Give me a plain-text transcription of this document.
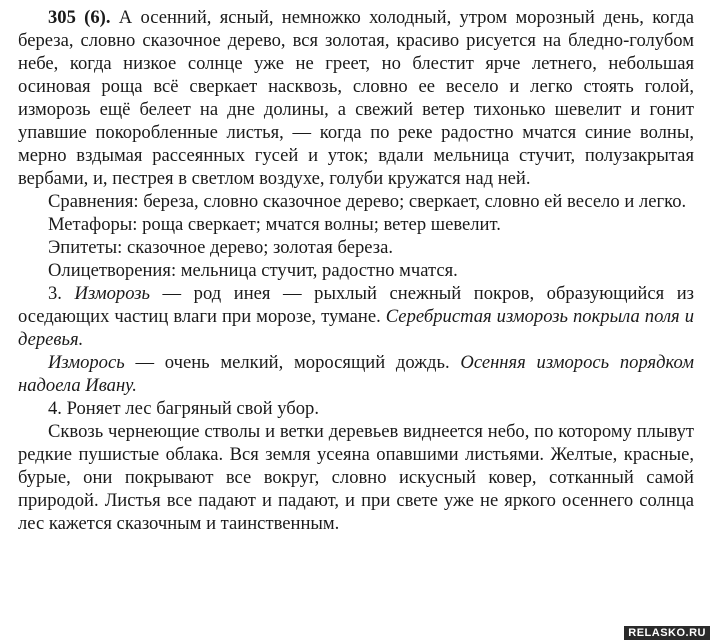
305 (6). А осенний, ясный, немножко холодный, утром морозный день, когда береза, словно сказочное дерево, вся золотая, красиво рисуется на бледно-голубом небе, когда низкое солнце уже не греет, но блестит ярче летнего, небольшая осиновая роща всё сверкает насквозь, словно ее весело и легко стоять голой, изморозь ещё белеет на дне долины, а свежий ветер тихонько шевелит и гонит упавшие покоробленные листья, — когда по реке радостно мчатся синие волны, мерно вздымая рассеянных гусей и уток; вдали мельница стучит, полузакрытая вербами, и, пестрея в светлом воздухе, голуби кружатся над ней.

Сравнения: береза, словно сказочное дерево; сверкает, словно ей весело и легко.

Метафоры: роща сверкает; мчатся волны; ветер шевелит.

Эпитеты: сказочное дерево; золотая береза.

Олицетворения: мельница стучит, радостно мчатся.

3. Изморозь — род инея — рыхлый снежный покров, образующийся из оседающих частиц влаги при морозе, тумане. Серебристая изморозь покрыла поля и деревья.

Изморось — очень мелкий, моросящий дождь. Осенняя изморось порядком надоела Ивану.

4. Роняет лес багряный свой убор.

Сквозь чернеющие стволы и ветки деревьев виднеется небо, по которому плывут редкие пушистые облака. Вся земля усеяна опавшими листьями. Желтые, красные, бурые, они покрывают все вокруг, словно искусный ковер, сотканный самой природой. Листья все падают и падают, и при свете уже не яркого осеннего солнца лес кажется сказочным и таинственным.

RELASKO.RU
